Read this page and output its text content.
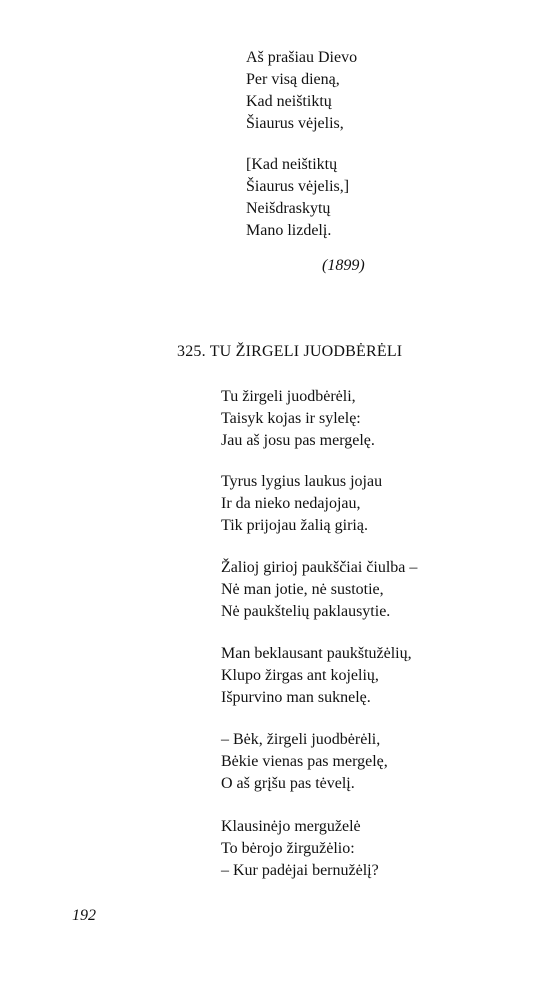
Aš prašiau Dievo
Per visą dieną,
Kad neištiktų
Šiaurus vėjelis,
[Kad neištiktų
Šiaurus vėjelis,]
Neišdraskytų
Mano lizdelį.
(1899)
325. TU ŽIRGELI JUODBĖRĖLI
Tu žirgeli juodbėrėli,
Taisyk kojas ir sylelę:
Jau aš josu pas mergelę.
Tyrus lygius laukus jojau
Ir da nieko nedajojau,
Tik prijojau žalią girią.
Žalioj girioj paukščiai čiulba –
Nė man jotie, nė sustotie,
Nė paukštelių paklausytie.
Man beklausant paukštužėlių,
Klupo žirgas ant kojelių,
Išpurvino man suknelę.
– Bėk, žirgeli juodbėrėli,
Bėkie vienas pas mergelę,
O aš grįšu pas tėvelį.
Klausinėjo merguželė
To bėrojo žirgužėlio:
– Kur padėjai bernužėlį?
192
